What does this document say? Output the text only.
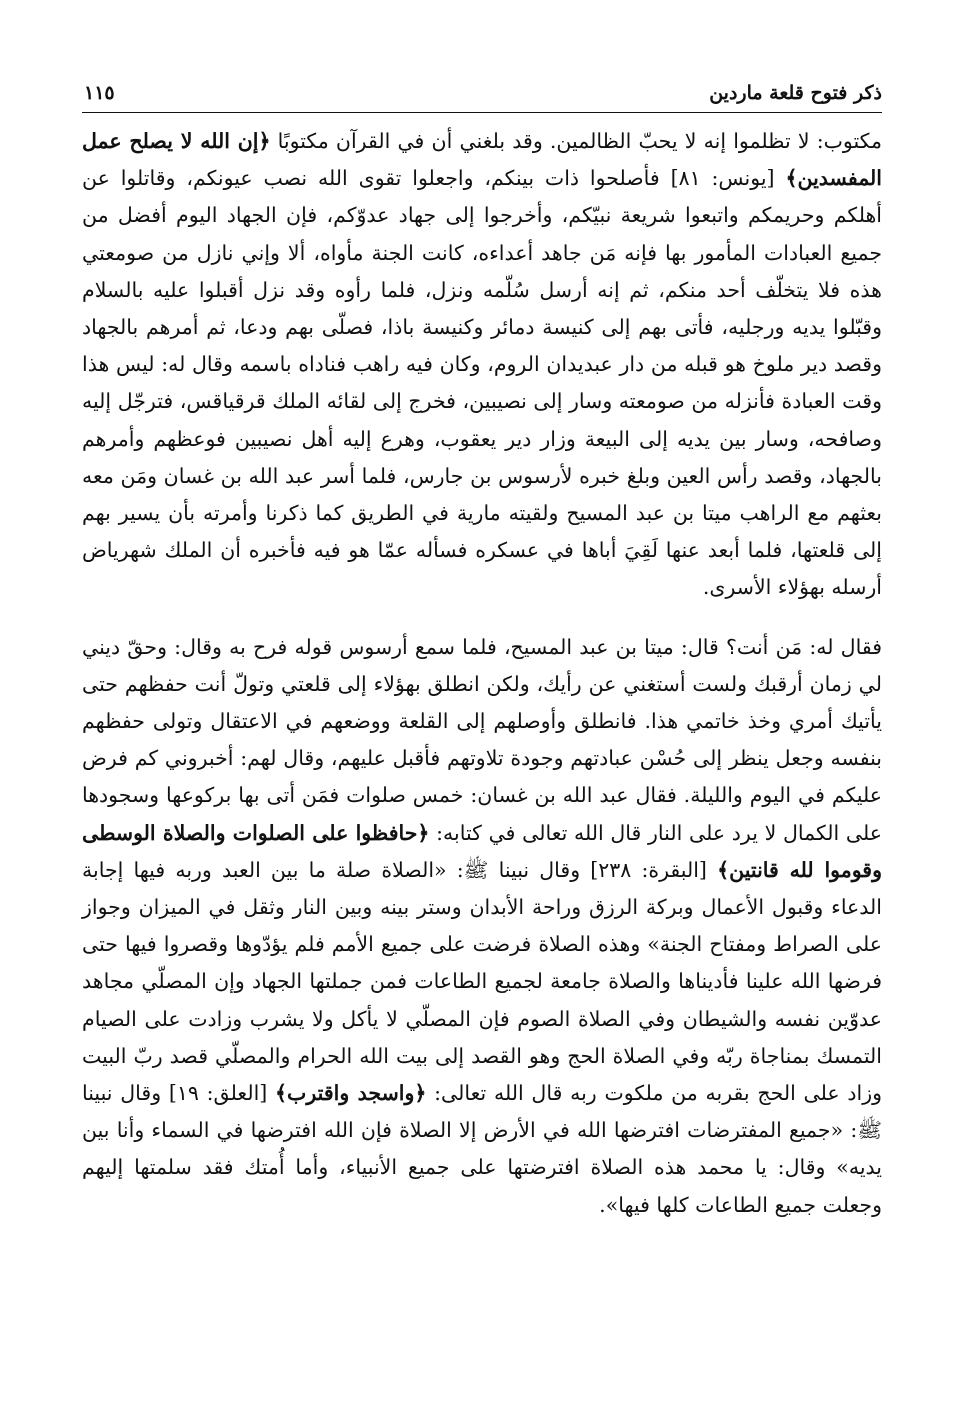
ذكر فتوح قلعة ماردين
١١٥

مكتوب: لا تظلموا إنه لا يحبّ الظالمين. وقد بلغني أن في القرآن مكتوبًا ﴿إن الله لا يصلح عمل المفسدين﴾ [يونس: ٨١] فأصلحوا ذات بينكم، واجعلوا تقوى الله نصب عيونكم، وقاتلوا عن أهلكم وحريمكم واتبعوا شريعة نبيّكم، وأخرجوا إلى جهاد عدوّكم، فإن الجهاد اليوم أفضل من جميع العبادات المأمور بها فإنه مَن جاهد أعداءه، كانت الجنة مأواه، ألا وإني نازل من صومعتي هذه فلا يتخلّف أحد منكم، ثم إنه أرسل سُلّمه ونزل، فلما رأوه وقد نزل أقبلوا عليه بالسلام وقبّلوا يديه ورجليه، فأتى بهم إلى كنيسة دمائر وكنيسة باذا، فصلّى بهم ودعا، ثم أمرهم بالجهاد وقصد دير ملوخ هو قبله من دار عبديدان الروم، وكان فيه راهب فناداه باسمه وقال له: ليس هذا وقت العبادة فأنزله من صومعته وسار إلى نصيبين، فخرج إلى لقائه الملك قرقياقس، فترجّل إليه وصافحه، وسار بين يديه إلى البيعة وزار دير يعقوب، وهرع إليه أهل نصيبين فوعظهم وأمرهم بالجهاد، وقصد رأس العين وبلغ خبره لأرسوس بن جارس، فلما أسر عبد الله بن غسان ومَن معه بعثهم مع الراهب ميتا بن عبد المسيح ولقيته مارية في الطريق كما ذكرنا وأمرته بأن يسير بهم إلى قلعتها، فلما أبعد عنها لَقِيَ أباها في عسكره فسأله عمّا هو فيه فأخبره أن الملك شهرياض أرسله بهؤلاء الأسرى.

فقال له: مَن أنت؟ قال: ميتا بن عبد المسيح، فلما سمع أرسوس قوله فرح به وقال: وحقّ ديني لي زمان أرقبك ولست أستغني عن رأيك، ولكن انطلق بهؤلاء إلى قلعتي وتولّ أنت حفظهم حتى يأتيك أمري وخذ خاتمي هذا. فانطلق وأوصلهم إلى القلعة ووضعهم في الاعتقال وتولى حفظهم بنفسه وجعل ينظر إلى حُسْن عبادتهم وجودة تلاوتهم فأقبل عليهم، وقال لهم: أخبروني كم فرض عليكم في اليوم والليلة. فقال عبد الله بن غسان: خمس صلوات فمَن أتى بها بركوعها وسجودها على الكمال لا يرد على النار قال الله تعالى في كتابه: ﴿حافظوا على الصلوات والصلاة الوسطى وقوموا لله قانتين﴾ [البقرة: ٢٣٨] وقال نبينا ﷺ: «الصلاة صلة ما بين العبد وربه فيها إجابة الدعاء وقبول الأعمال وبركة الرزق وراحة الأبدان وستر بينه وبين النار وثقل في الميزان وجواز على الصراط ومفتاح الجنة» وهذه الصلاة فرضت على جميع الأمم فلم يؤدّوها وقصروا فيها حتى فرضها الله علينا فأديناها والصلاة جامعة لجميع الطاعات فمن جملتها الجهاد وإن المصلّي مجاهد عدوّين نفسه والشيطان وفي الصلاة الصوم فإن المصلّي لا يأكل ولا يشرب وزادت على الصيام التمسك بمناجاة ربّه وفي الصلاة الحج وهو القصد إلى بيت الله الحرام والمصلّي قصد ربّ البيت وزاد على الحج بقربه من ملكوت ربه قال الله تعالى: ﴿واسجد واقترب﴾ [العلق: ١٩] وقال نبينا ﷺ: «جميع المفترضات افترضها الله في الأرض إلا الصلاة فإن الله افترضها في السماء وأنا بين يديه» وقال: يا محمد هذه الصلاة افترضتها على جميع الأنبياء، وأما أُمتك فقد سلمتها إليهم وجعلت جميع الطاعات كلها فيها».
